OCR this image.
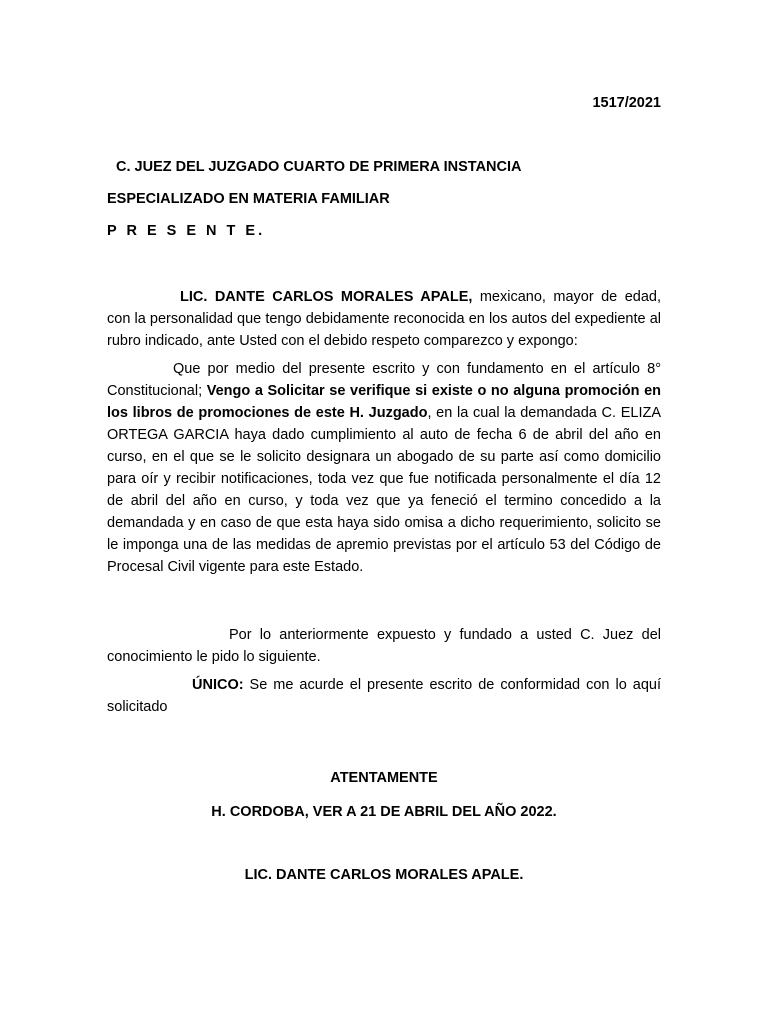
1517/2021
C. JUEZ DEL JUZGADO CUARTO DE PRIMERA INSTANCIA
ESPECIALIZADO EN MATERIA FAMILIAR
P R E S E N T E.

LIC. DANTE CARLOS MORALES APALE, mexicano, mayor de edad, con la personalidad que tengo debidamente reconocida en los autos del expediente al rubro indicado, ante Usted con el debido respeto comparezco y expongo:

Que por medio del presente escrito y con fundamento en el artículo 8° Constitucional; Vengo a Solicitar se verifique si existe o no alguna promoción en los libros de promociones de este H. Juzgado, en la cual la demandada C. ELIZA ORTEGA GARCIA haya dado cumplimiento al auto de fecha 6 de abril del año en curso, en el que se le solicito designara un abogado de su parte así como domicilio para oír y recibir notificaciones, toda vez que fue notificada personalmente el día 12 de abril del año en curso, y toda vez que ya feneció el termino concedido a la demandada y en caso de que esta haya sido omisa a dicho requerimiento, solicito se le imponga una de las medidas de apremio previstas por el artículo 53 del Código de Procesal Civil vigente para este Estado.

Por lo anteriormente expuesto y fundado a usted C. Juez del conocimiento le pido lo siguiente.

ÚNICO: Se me acurde el presente escrito de conformidad con lo aquí solicitado

ATENTAMENTE
H. CORDOBA, VER A 21 DE ABRIL DEL AÑO 2022.
LIC. DANTE CARLOS MORALES APALE.
